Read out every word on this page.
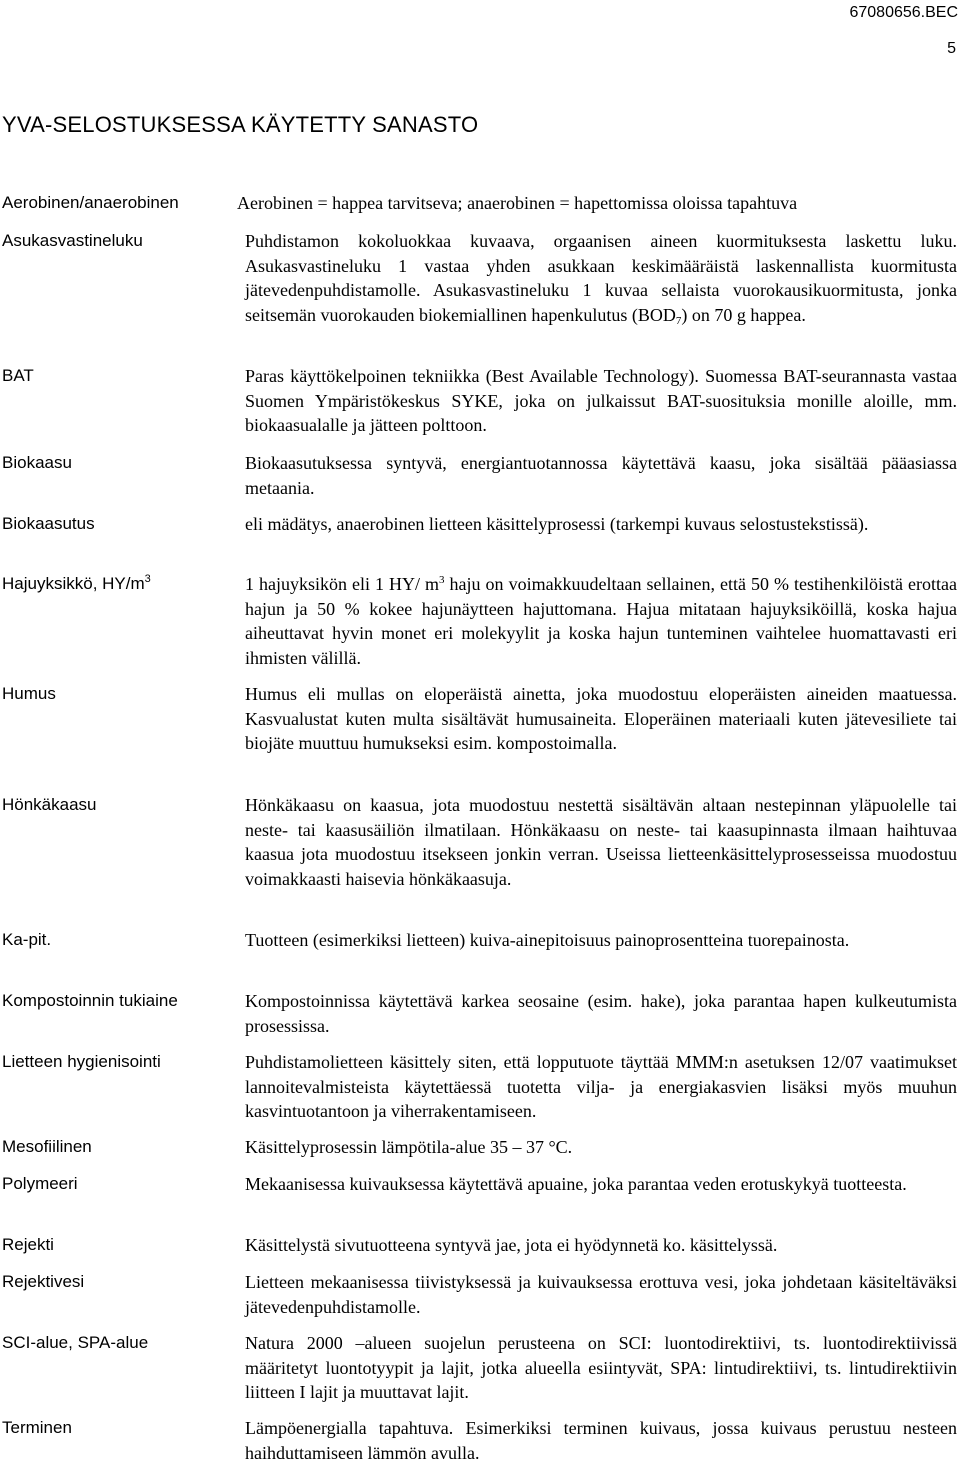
67080656.BEC
5
YVA-SELOSTUKSESSA KÄYTETTY SANASTO
Aerobinen/anaerobinen	Aerobinen = happea tarvitseva; anaerobinen = hapettomissa oloissa tapahtuva
Asukasvastineluku	Puhdistamon kokoluokkaa kuvaava, orgaanisen aineen kuormituksesta laskettu luku. Asukasvastineluku 1 vastaa yhden asukkaan keskimääräistä laskennallista kuormitusta jätevedenpuhdistamolle. Asukasvastineluku 1 kuvaa sellaista vuorokausikuormitusta, jonka seitsemän vuorokauden biokemiallinen hapenkulutus $(BOD_7)$ on 70 g happea.
BAT	Paras käyttökelpoinen tekniikka (Best Available Technology). Suomessa BAT-seurannasta vastaa Suomen Ympäristökeskus SYKE, joka on julkaissut BAT-suosituksia monille aloille, mm. biokaasualalle ja jätteen polttoon.
Biokaasu	Biokaasutuksessa syntyvä, energiantuotannossa käytettävä kaasu, joka sisältää pääasiassa metaania.
Biokaasutus	eli mädätys, anaerobinen lietteen käsittelyprosessi (tarkempi kuvaus selostustekstissä).
Hajuyksikkö, $HY/m^3$	1 hajuyksikön eli 1 HY/ $m^3$ haju on voimakkuudeltaan sellainen, että 50 % testihenkilöistä erottaa hajun ja 50 % kokee hajunäytteen hajuttomana. Hajua mitataan hajuyksiköillä, koska hajua aiheuttavat hyvin monet eri molekyylit ja koska hajun tunteminen vaihtelee huomattavasti eri ihmisten välillä.
Humus	Humus eli mullas on eloperäistä ainetta, joka muodostuu eloperäisten aineiden maatuessa. Kasvualustat kuten multa sisältävät humusaineita. Eloperäinen materiaali kuten jätevesiliete tai biojäte muuttuu humukseksi esim. kompostoimalla.
Hönkäkaasu	Hönkäkaasu on kaasua, jota muodostuu nestettä sisältävän altaan nestepinnan yläpuolelle tai neste- tai kaasusäiliön ilmatilaan. Hönkäkaasu on neste- tai kaasupinnasta ilmaan haihtuvaa kaasua jota muodostuu itsekseen jonkin verran. Useissa lietteenkäsittelyprosesseissa muodostuu voimakkaasti haisevia hönkäkaasuja.
Ka-pit.	Tuotteen (esimerkiksi lietteen) kuiva-ainepitoisuus painoprosentteina tuorepainosta.
Kompostoinnin tukiaine	Kompostoinnissa käytettävä karkea seosaine (esim. hake), joka parantaa hapen kulkeutumista prosessissa.
Lietteen hygienisointi	Puhdistamolietteen käsittely siten, että lopputuote täyttää MMM:n asetuksen 12/07 vaatimukset lannoitevalmisteista käytettäessä tuotetta vilja- ja energiakasvien lisäksi myös muuhun kasvintuotantoon ja viherrakentamiseen.
Mesofiilinen	Käsittelyprosessin lämpötila-alue 35 – 37 °C.
Polymeeri	Mekaanisessa kuivauksessa käytettävä apuaine, joka parantaa veden erotuskykyä tuotteesta.
Rejekti	Käsittelystä sivutuotteena syntyvä jae, jota ei hyödynnetä ko. käsittelyssä.
Rejektivesi	Lietteen mekaanisessa tiivistyksessä ja kuivauksessa erottuva vesi, joka johdetaan käsiteltäväksi jätevedenpuhdistamolle.
SCI-alue, SPA-alue	Natura 2000 –alueen suojelun perusteena on SCI: luontodirektiivi, ts. luontodirektiivissä määritetyt luontotyypit ja lajit, jotka alueella esiintyvät, SPA: lintudirektiivi, ts. lintudirektiivin liitteen I lajit ja muuttavat lajit.
Terminen	Lämpöenergialla tapahtuva. Esimerkiksi terminen kuivaus, jossa kuivaus perustuu nesteen haihduttamiseen lämmön avulla.
